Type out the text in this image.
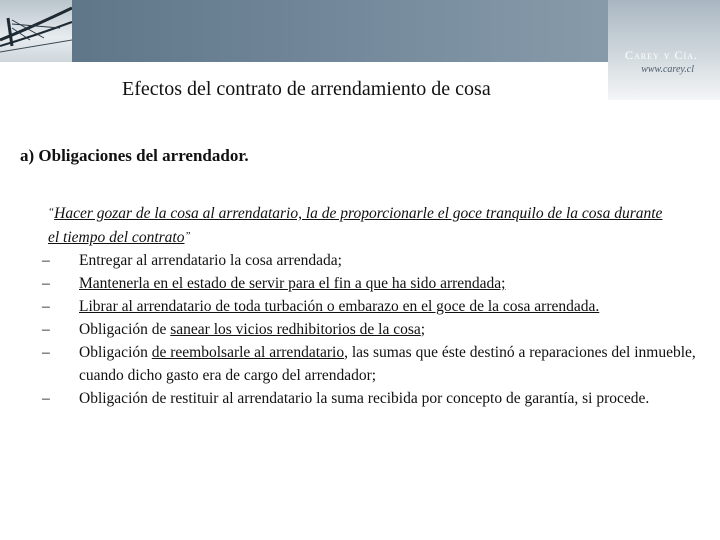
Carey y Cía.
www.carey.cl
Efectos del contrato de arrendamiento de cosa
a) Obligaciones del arrendador.

“Hacer gozar de la cosa al arrendatario, la de proporcionarle el goce tranquilo de la cosa durante el tiempo del contrato”

– Entregar al arrendatario la cosa arrendada;
– Mantenerla en el estado de servir para el fin a que ha sido arrendada;
– Librar al arrendatario de toda turbación o embarazo en el goce de la cosa arrendada.
– Obligación de sanear los vicios redhibitorios de la cosa;
– Obligación de reembolsarle al arrendatario, las sumas que éste destinó a reparaciones del inmueble, cuando dicho gasto era de cargo del arrendador;
– Obligación de restituir al arrendatario la suma recibida por concepto de garantía, si procede.
